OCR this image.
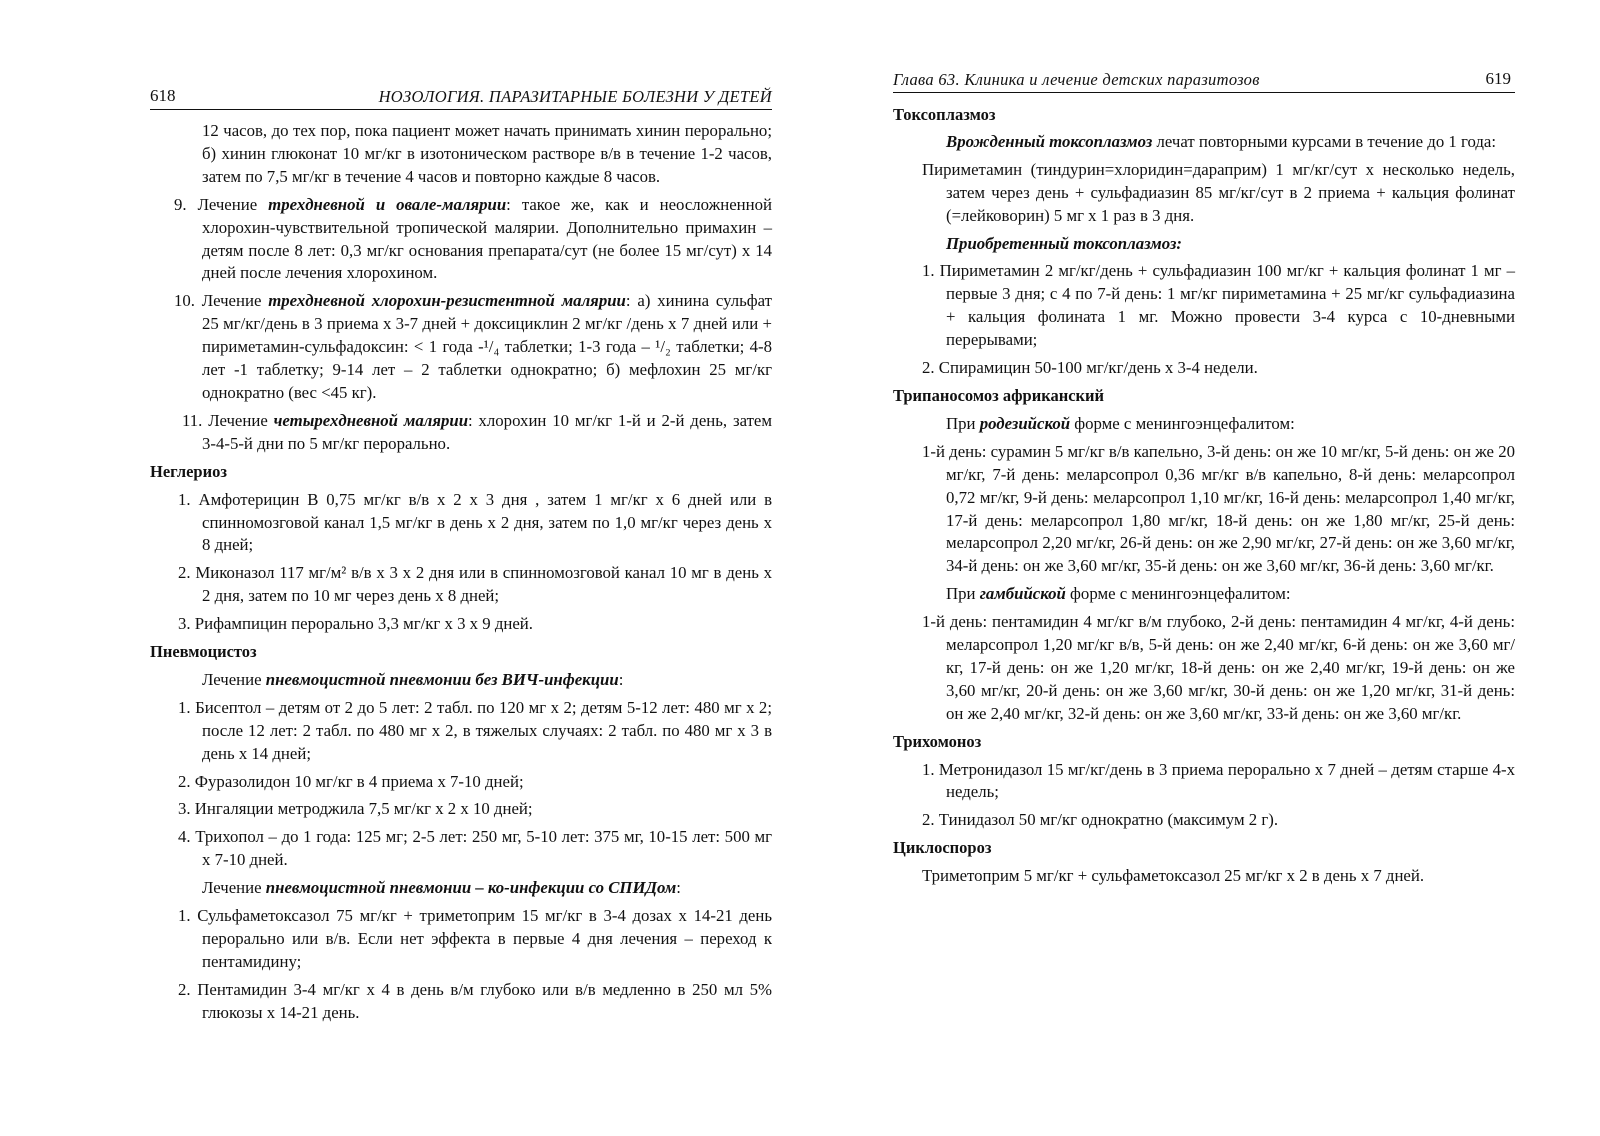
618	НОЗОЛОГИЯ. ПАРАЗИТАРНЫЕ БОЛЕЗНИ У ДЕТЕЙ

12 часов, до тех пор, пока пациент может начать принимать хинин перорально; б) хинин глюконат 10 мг/кг в изотоническом растворе в/в в течение 1-2 часов, затем по 7,5 мг/кг в течение 4 часов и повторно каждые 8 часов.

9. Лечение трехдневной и овале-малярии: такое же, как и неосложненной хлорохин-чувствительной тропической малярии. Дополнительно примахин – детям после 8 лет: 0,3 мг/кг основания препарата/сут (не более 15 мг/сут) х 14 дней после лечения хлорохином.

10. Лечение трехдневной хлорохин-резистентной малярии: а) хинина сульфат 25 мг/кг/день в 3 приема х 3-7 дней + доксициклин 2 мг/кг /день х 7 дней или + пириметамин-сульфадоксин: < 1 года -¹/₄ таблетки; 1-3 года – ¹/₂ таблетки; 4-8 лет -1 таблетку; 9-14 лет – 2 таблетки однократно; б) мефлохин 25 мг/кг однократно (вес <45 кг).

11. Лечение четырехдневной малярии: хлорохин 10 мг/кг 1-й и 2-й день, затем 3-4-5-й дни по 5 мг/кг перорально.

Неглериоз

1. Амфотерицин В 0,75 мг/кг в/в х 2 х 3 дня , затем 1 мг/кг х 6 дней или в спинномозговой канал 1,5 мг/кг в день х 2 дня, затем по 1,0 мг/кг через день х 8 дней;

2. Миконазол 117 мг/м² в/в х 3 х 2 дня или в спинномозговой канал 10 мг в день х 2 дня, затем по 10 мг через день х 8 дней;

3. Рифампицин перорально 3,3 мг/кг х 3 х 9 дней.

Пневмоцистоз

Лечение пневмоцистной пневмонии без ВИЧ-инфекции:

1. Бисептол – детям от 2 до 5 лет: 2 табл. по 120 мг х 2; детям 5-12 лет: 480 мг х 2; после 12 лет: 2 табл. по 480 мг х 2, в тяжелых случаях: 2 табл. по 480 мг х 3 в день х 14 дней;

2. Фуразолидон 10 мг/кг в 4 приема х 7-10 дней;

3. Ингаляции метроджила 7,5 мг/кг х 2 х 10 дней;

4. Трихопол – до 1 года: 125 мг; 2-5 лет: 250 мг, 5-10 лет: 375 мг, 10-15 лет: 500 мг х 7-10 дней.

Лечение пневмоцистной пневмонии – ко-инфекции со СПИДом:

1. Сульфаметоксазол 75 мг/кг + триметоприм 15 мг/кг в 3-4 дозах х 14-21 день перорально или в/в. Если нет эффекта в первые 4 дня лечения – переход к пентамидину;

2. Пентамидин 3-4 мг/кг х 4 в день в/м глубоко или в/в медленно в 250 мл 5% глюкозы х 14-21 день.

Глава 63. Клиника и лечение детских паразитозов	619

Токсоплазмоз

Врожденный токсоплазмоз лечат повторными курсами в течение до 1 года:

Пириметамин (тиндурин=хлоридин=дараприм) 1 мг/кг/сут х несколько недель, затем через день + сульфадиазин 85 мг/кг/сут в 2 приема + кальция фолинат (=лейковорин) 5 мг х 1 раз в 3 дня.

Приобретенный токсоплазмоз:

1. Пириметамин 2 мг/кг/день + сульфадиазин 100 мг/кг + кальция фолинат 1 мг – первые 3 дня; с 4 по 7-й день: 1 мг/кг пириметамина + 25 мг/кг сульфадиазина + кальция фолината 1 мг. Можно провести 3-4 курса с 10-дневными перерывами;

2. Спирамицин 50-100 мг/кг/день х 3-4 недели.

Трипаносомоз африканский

При родезийской форме с менингоэнцефалитом:

1-й день: сурамин 5 мг/кг в/в капельно, 3-й день: он же 10 мг/кг, 5-й день: он же 20 мг/кг, 7-й день: меларсопрол 0,36 мг/кг в/в капельно, 8-й день: меларсопрол 0,72 мг/кг, 9-й день: меларсопрол 1,10 мг/кг, 16-й день: меларсопрол 1,40 мг/кг, 17-й день: меларсопрол 1,80 мг/кг, 18-й день: он же 1,80 мг/кг, 25-й день: меларсопрол 2,20 мг/кг, 26-й день: он же 2,90 мг/кг, 27-й день: он же 3,60 мг/кг, 34-й день: он же 3,60 мг/кг, 35-й день: он же 3,60 мг/кг, 36-й день: 3,60 мг/кг.

При гамбийской форме с менингоэнцефалитом:

1-й день: пентамидин 4 мг/кг в/м глубоко, 2-й день: пентамидин 4 мг/кг, 4-й день: меларсопрол 1,20 мг/кг в/в, 5-й день: он же 2,40 мг/кг, 6-й день: он же 3,60 мг/кг, 17-й день: он же 1,20 мг/кг, 18-й день: он же 2,40 мг/кг, 19-й день: он же 3,60 мг/кг, 20-й день: он же 3,60 мг/кг, 30-й день: он же 1,20 мг/кг, 31-й день: он же 2,40 мг/кг, 32-й день: он же 3,60 мг/кг, 33-й день: он же 3,60 мг/кг.

Трихомоноз

1. Метронидазол 15 мг/кг/день в 3 приема перорально х 7 дней – детям старше 4-х недель;

2. Тинидазол 50 мг/кг однократно (максимум 2 г).

Циклоспороз

Триметоприм 5 мг/кг + сульфаметоксазол 25 мг/кг х 2 в день х 7 дней.
